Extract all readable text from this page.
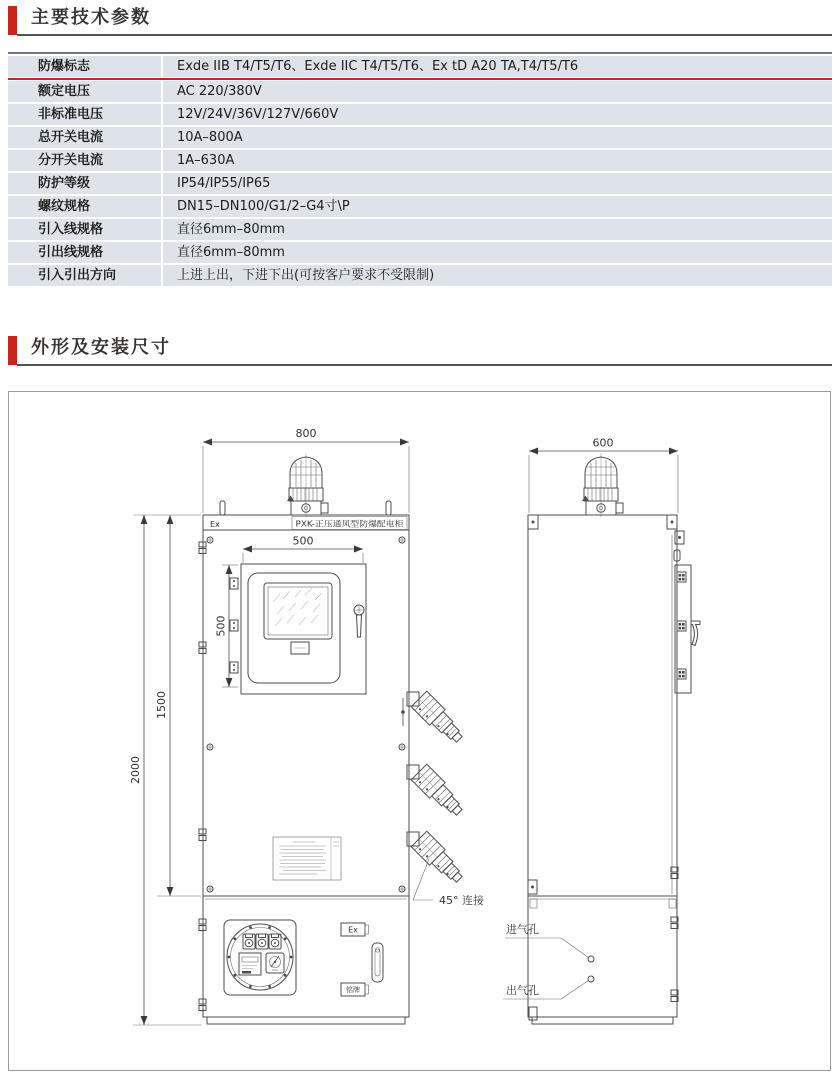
主要技术参数
防爆标志	Exde IIB T4/T5/T6、Exde IIC T4/T5/T6、Ex tD A20 TA,T4/T5/T6
额定电压	AC 220/380V
非标准电压	12V/24V/36V/127V/660V
总开关电流	10A–800A
分开关电流	1A–630A
防护等级	IP54/IP55/IP65
螺纹规格	DN15–DN100/G1/2–G4寸\P
引入线规格	直径6mm–80mm
引出线规格	直径6mm–80mm
引入引出方向	上进上出，下进下出(可按客户要求不受限制)
外形及安装尺寸
800
2000
1500
Ex	PXK-正压通风型防爆配电柜
500
500
45° 连接
Ex
铭牌
600
进气孔
出气孔
